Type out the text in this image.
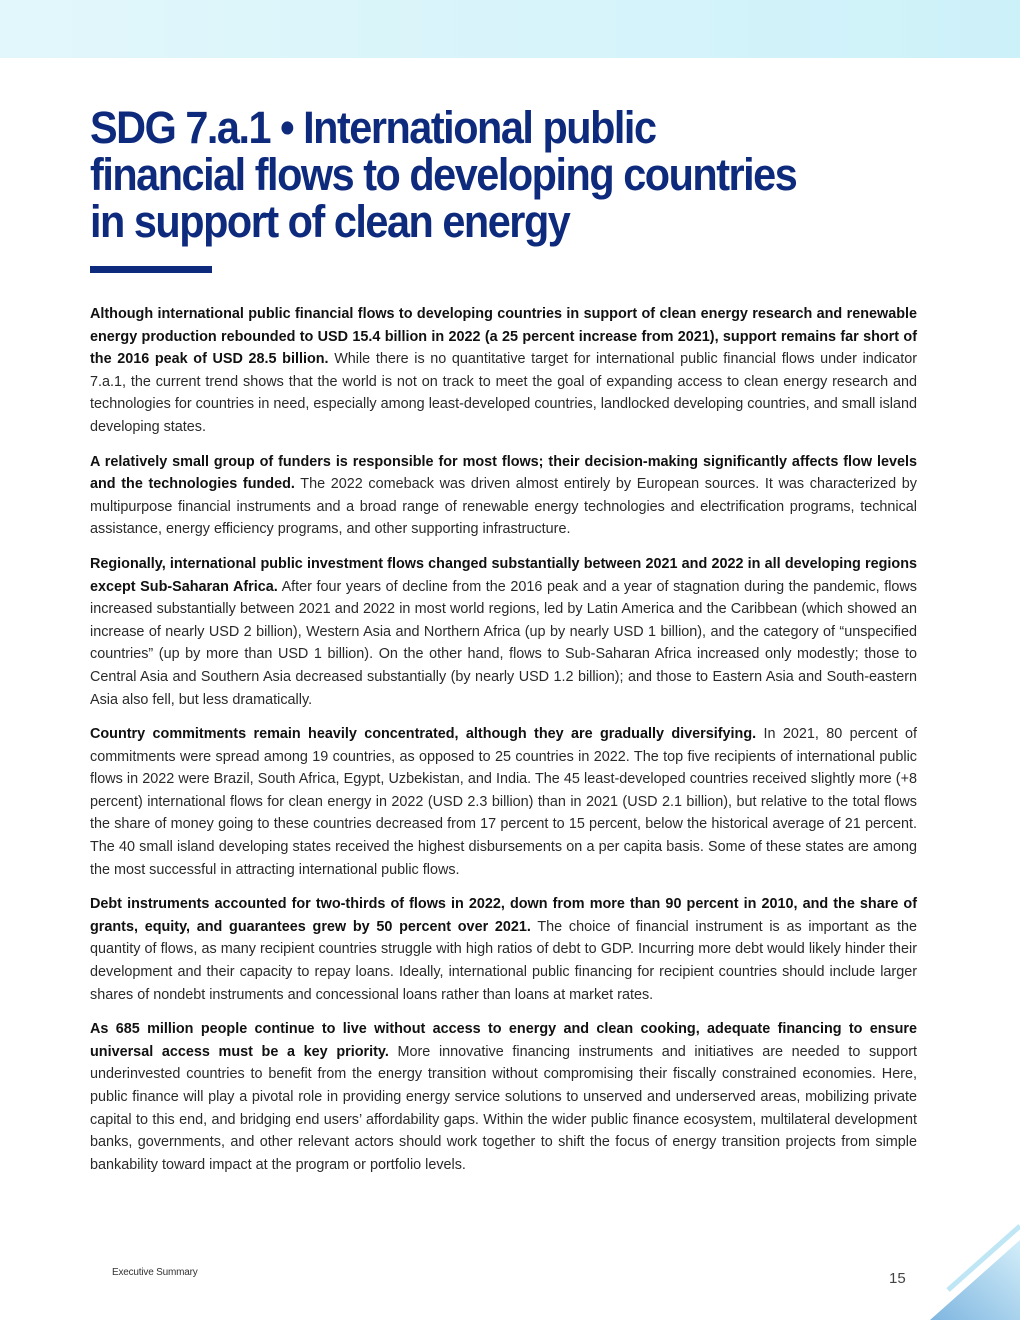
SDG 7.a.1 • International public financial flows to developing countries in support of clean energy

Although international public financial flows to developing countries in support of clean energy research and renewable energy production rebounded to USD 15.4 billion in 2022 (a 25 percent increase from 2021), support remains far short of the 2016 peak of USD 28.5 billion. While there is no quantitative target for international public financial flows under indicator 7.a.1, the current trend shows that the world is not on track to meet the goal of expanding access to clean energy research and technologies for countries in need, especially among least-developed countries, landlocked developing countries, and small island developing states.

A relatively small group of funders is responsible for most flows; their decision-making significantly affects flow levels and the technologies funded. The 2022 comeback was driven almost entirely by European sources. It was characterized by multipurpose financial instruments and a broad range of renewable energy technologies and electrification programs, technical assistance, energy efficiency programs, and other supporting infrastructure.

Regionally, international public investment flows changed substantially between 2021 and 2022 in all developing regions except Sub-Saharan Africa. After four years of decline from the 2016 peak and a year of stagnation during the pandemic, flows increased substantially between 2021 and 2022 in most world regions, led by Latin America and the Caribbean (which showed an increase of nearly USD 2 billion), Western Asia and Northern Africa (up by nearly USD 1 billion), and the category of “unspecified countries” (up by more than USD 1 billion). On the other hand, flows to Sub-Saharan Africa increased only modestly; those to Central Asia and Southern Asia decreased substantially (by nearly USD 1.2 billion); and those to Eastern Asia and South-eastern Asia also fell, but less dramatically.

Country commitments remain heavily concentrated, although they are gradually diversifying. In 2021, 80 percent of commitments were spread among 19 countries, as opposed to 25 countries in 2022. The top five recipients of international public flows in 2022 were Brazil, South Africa, Egypt, Uzbekistan, and India. The 45 least-developed countries received slightly more (+8 percent) international flows for clean energy in 2022 (USD 2.3 billion) than in 2021 (USD 2.1 billion), but relative to the total flows the share of money going to these countries decreased from 17 percent to 15 percent, below the historical average of 21 percent. The 40 small island developing states received the highest disbursements on a per capita basis. Some of these states are among the most successful in attracting international public flows.

Debt instruments accounted for two-thirds of flows in 2022, down from more than 90 percent in 2010, and the share of grants, equity, and guarantees grew by 50 percent over 2021. The choice of financial instrument is as important as the quantity of flows, as many recipient countries struggle with high ratios of debt to GDP. Incurring more debt would likely hinder their development and their capacity to repay loans. Ideally, international public financing for recipient countries should include larger shares of nondebt instruments and concessional loans rather than loans at market rates.

As 685 million people continue to live without access to energy and clean cooking, adequate financing to ensure universal access must be a key priority. More innovative financing instruments and initiatives are needed to support underinvested countries to benefit from the energy transition without compromising their fiscally constrained economies. Here, public finance will play a pivotal role in providing energy service solutions to unserved and underserved areas, mobilizing private capital to this end, and bridging end users’ affordability gaps. Within the wider public finance ecosystem, multilateral development banks, governments, and other relevant actors should work together to shift the focus of energy transition projects from simple bankability toward impact at the program or portfolio levels.

Executive Summary	15
